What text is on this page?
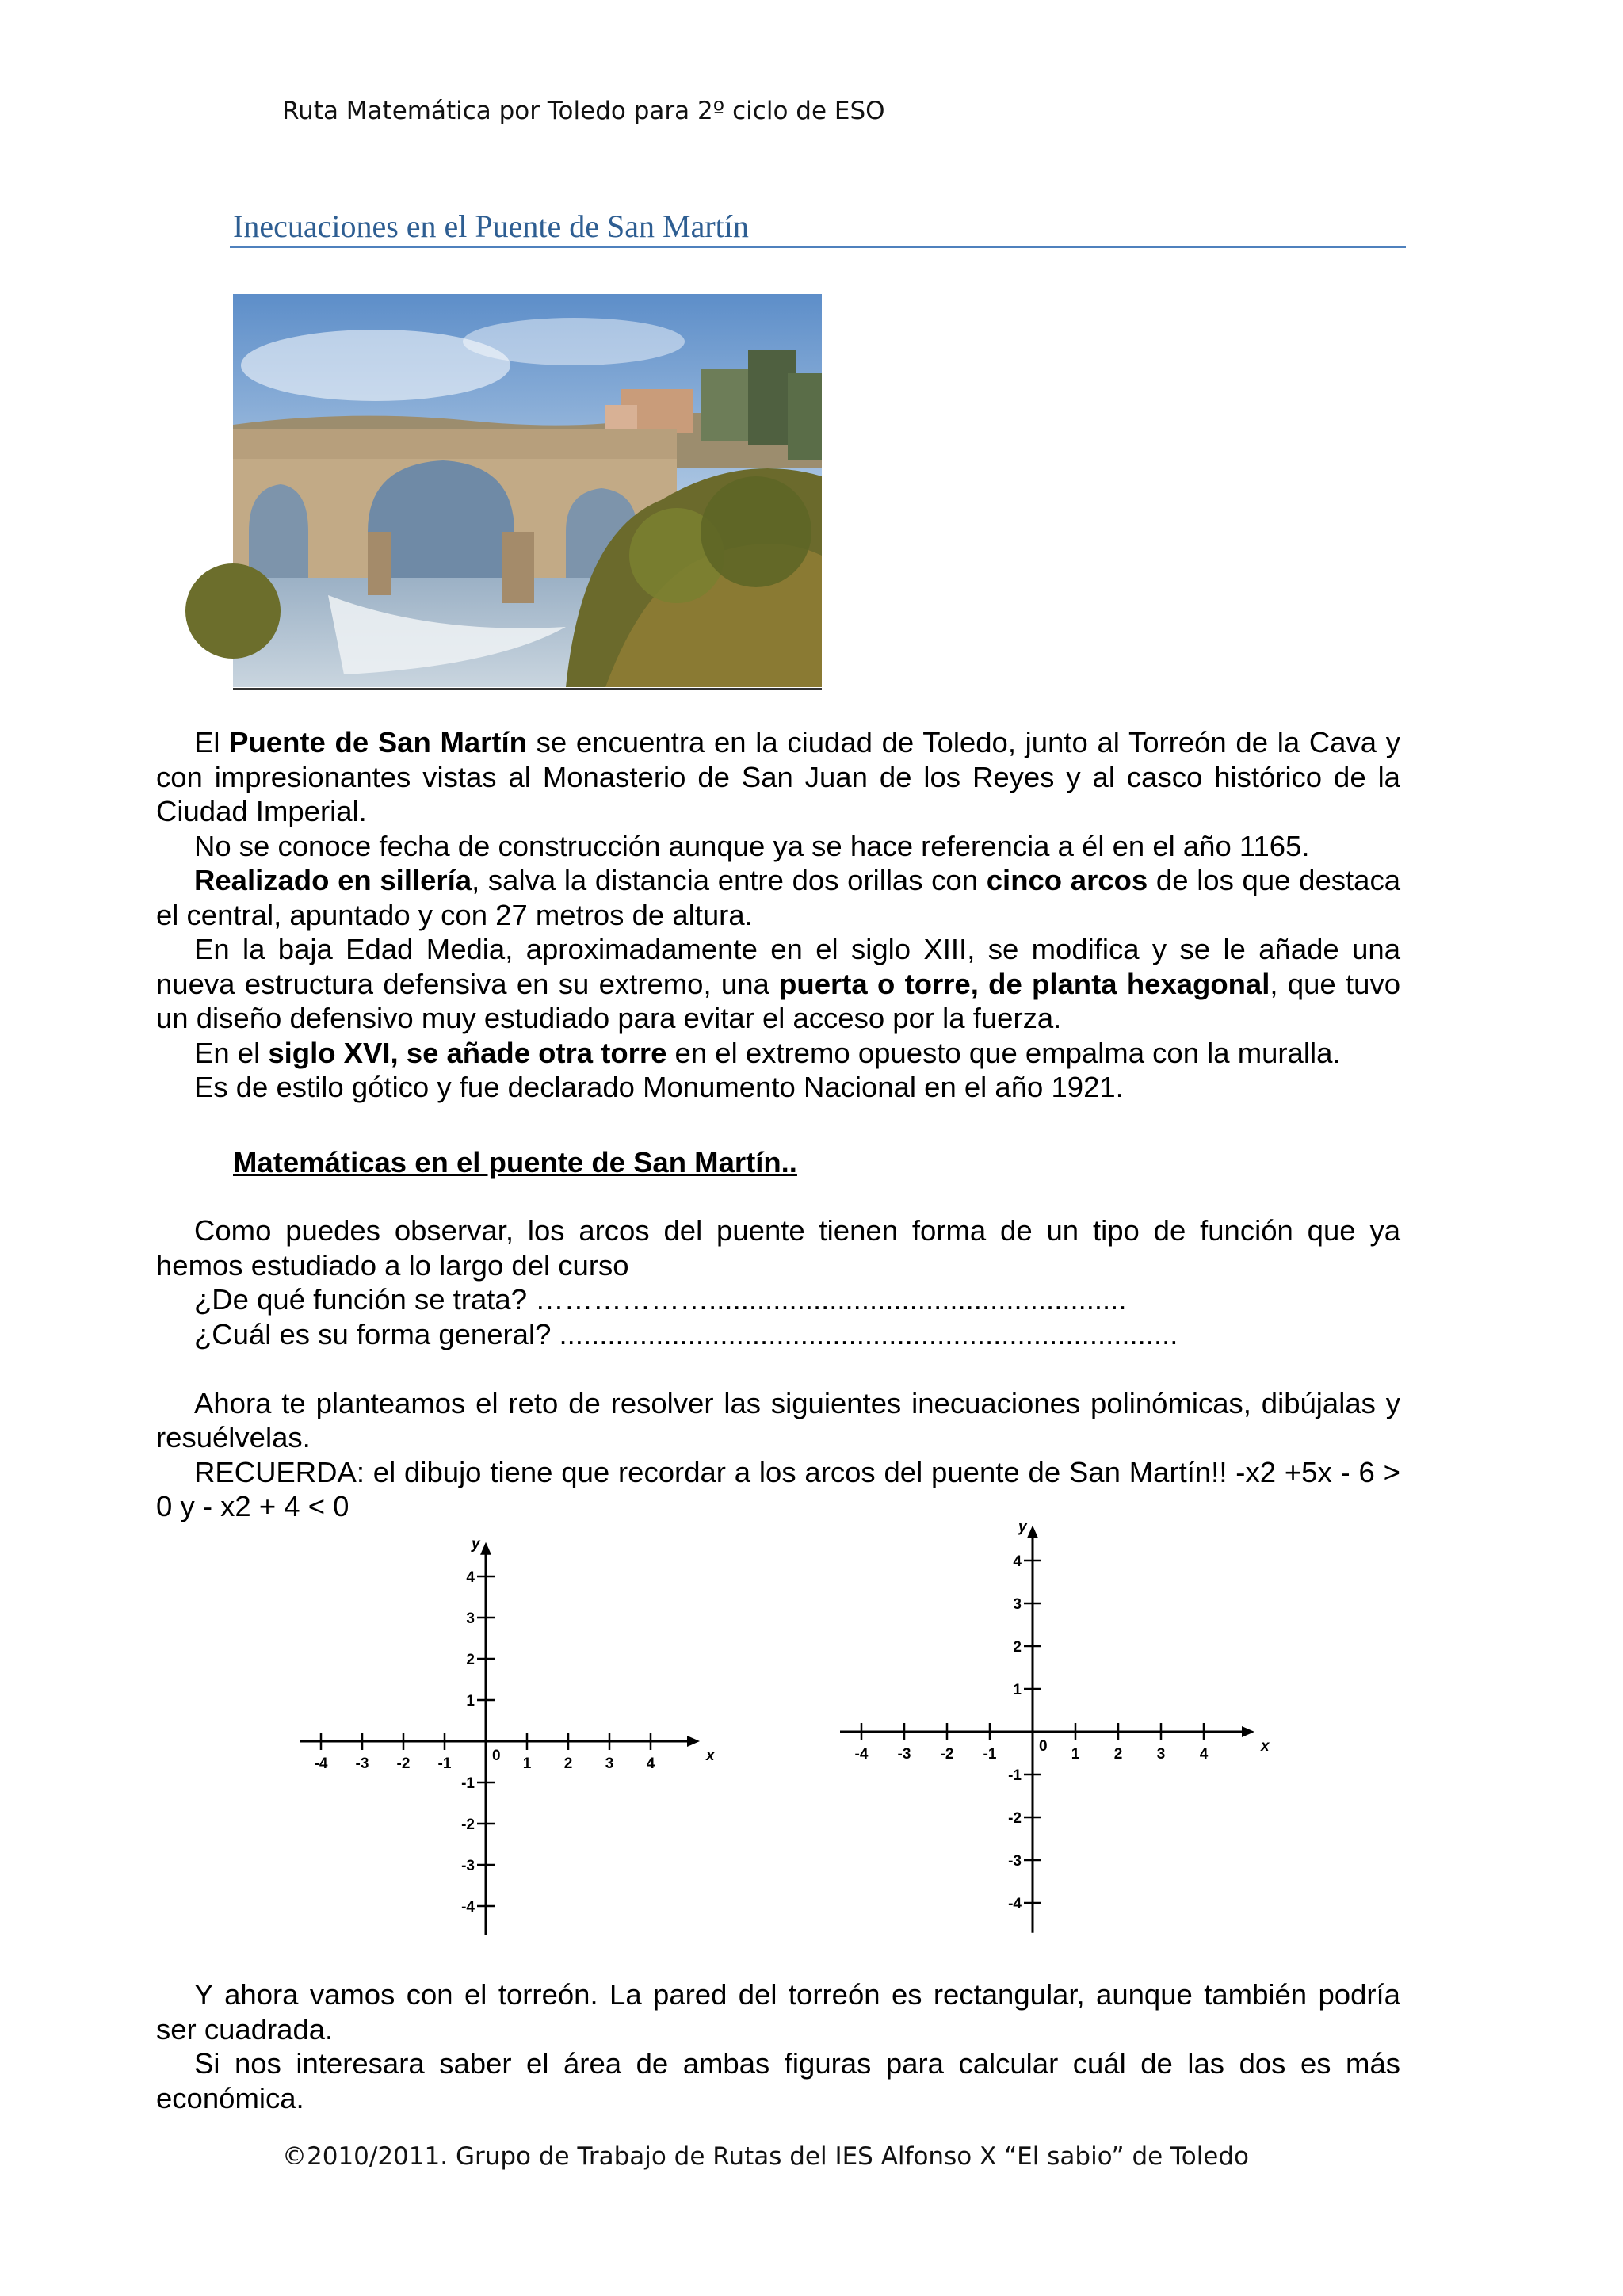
Ruta Matemática por Toledo para 2º ciclo de ESO
Inecuaciones en el Puente de San Martín

El Puente de San Martín se encuentra en la ciudad de Toledo, junto al Torreón de la Cava y con impresionantes vistas al Monasterio de San Juan de los Reyes y al casco histórico de la Ciudad Imperial.

No se conoce fecha de construcción aunque ya se hace referencia a él en el año 1165.

Realizado en sillería, salva la distancia entre dos orillas con cinco arcos de los que destaca el central, apuntado y con 27 metros de altura.

En la baja Edad Media, aproximadamente en el siglo XIII, se modifica y se le añade una nueva estructura defensiva en su extremo, una puerta o torre, de planta hexagonal, que tuvo un diseño defensivo muy estudiado para evitar el acceso por la fuerza.

En el siglo XVI, se añade otra torre en el extremo opuesto que empalma con la muralla.

Es de estilo gótico y fue declarado Monumento Nacional en el año 1921.

Matemáticas en el puente de San Martín..

Como puedes observar, los arcos del puente tienen forma de un tipo de función que ya hemos estudiado a lo largo del curso

¿De qué función se trata? ………………....................................................

¿Cuál es su forma general? .............................................................................

Ahora te planteamos el reto de resolver las siguientes inecuaciones polinómicas, dibújalas y resuélvelas.

RECUERDA: el dibujo tiene que recordar a los arcos del puente de San Martín!! -x2 +5x - 6 > 0 y - x2 + 4 < 0

-4 -3 -2 -1	1 2 3 4
4
3
2
1
-1
-2
-3
-4
0	x
y
-4 -3 -2 -1	1 2 3 4
4
3
2
1
-1
-2
-3
-4
0	x
y

Y ahora vamos con el torreón. La pared del torreón es rectangular, aunque también podría ser cuadrada.

Si nos interesara saber el área de ambas figuras para calcular cuál de las dos es más económica.

©2010/2011. Grupo de Trabajo de Rutas del IES Alfonso X “El sabio” de Toledo
